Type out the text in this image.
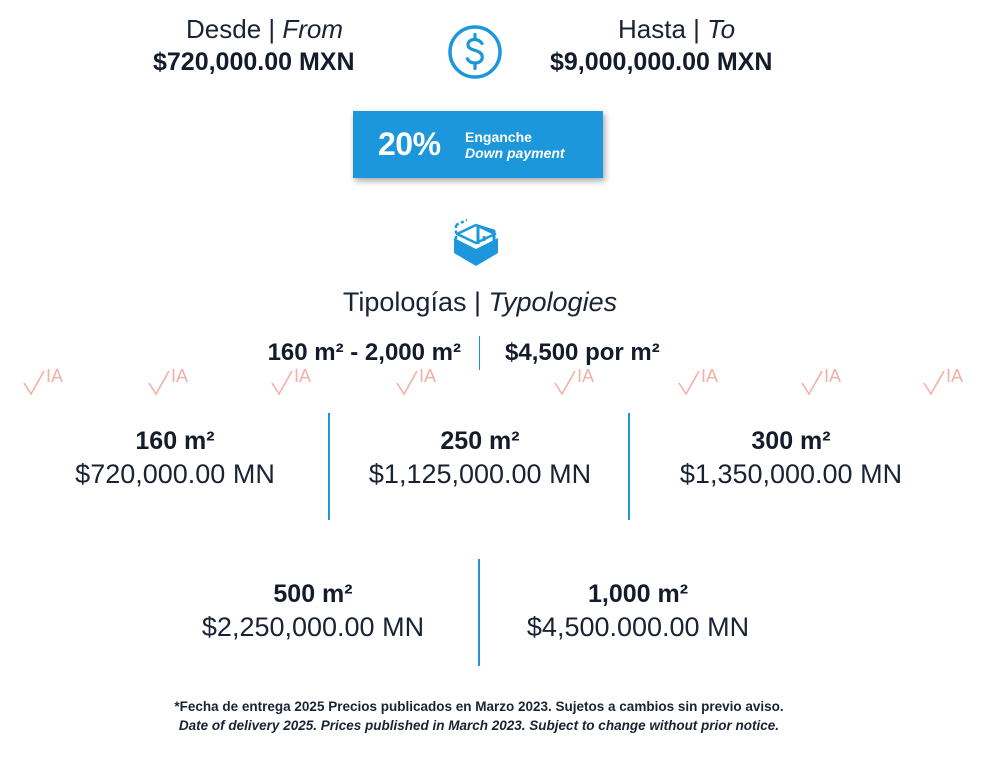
Desde | From
$720,000.00 MXN
Hasta | To
$9,000,000.00 MXN
20% Enganche
Down payment
Tipologías | Typologies
160 m² - 2,000 m² $4,500 por m²
IA	IA	IA	IA	IA	IA	IA	IA
160 m²
$720,000.00 MN
250 m²
$1,125,000.00 MN
300 m²
$1,350,000.00 MN
500 m²
$2,250,000.00 MN
1,000 m²
$4,500.000.00 MN
*Fecha de entrega 2025 Precios publicados en Marzo 2023. Sujetos a cambios sin previo aviso.
Date of delivery 2025. Prices published in March 2023. Subject to change without prior notice.
